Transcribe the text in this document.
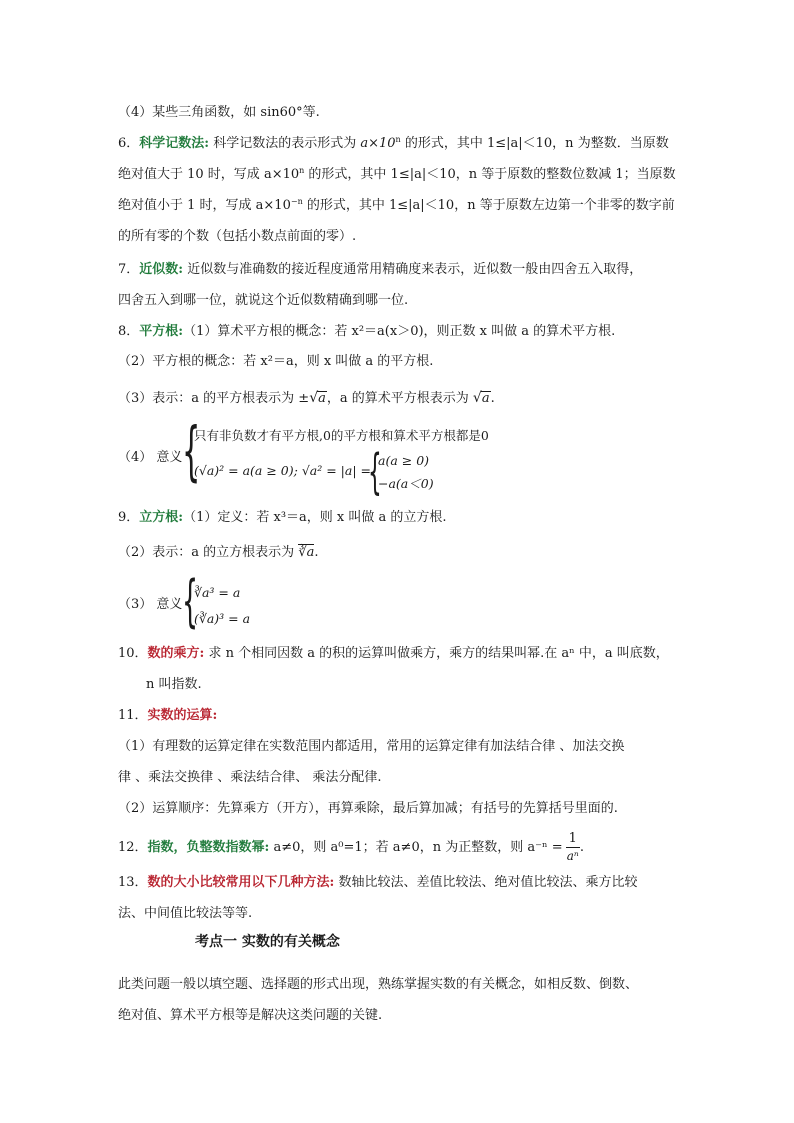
（4）某些三角函数，如 sin60°等.
6．科学记数法: 科学记数法的表示形式为 $a\times 10^n$ 的形式，其中 1≤|a|＜10，n 为整数．当原数
绝对值大于 10 时，写成 $a\times 10^n$ 的形式，其中 1≤|a|＜10，n 等于原数的整数位数减 1；当原数
绝对值小于 1 时，写成 $a\times 10^{-n}$ 的形式，其中 1≤|a|＜10，n 等于原数左边第一个非零的数字前
的所有零的个数（包括小数点前面的零）.
7．近似数: 近似数与准确数的接近程度通常用精确度来表示，近似数一般由四舍五入取得，
四舍五入到哪一位，就说这个近似数精确到哪一位.
8．平方根:（1）算术平方根的概念：若 x²＝a(x＞0)，则正数 x 叫做 a 的算术平方根.
（2）平方根的概念：若 x²＝a，则 x 叫做 a 的平方根.
（3）表示：a 的平方根表示为 ±√a，a 的算术平方根表示为 √a.
（4） 意义 {
只有非负数才有平方根,0的平方根和算术平方根都是0
(√a)² = a(a ≥ 0); √a² = |a| =
{
a(a ≥ 0)
−a(a＜0)
9．立方根:（1）定义：若 x³＝a，则 x 叫做 a 的立方根.
（2）表示：a 的立方根表示为 ∛a.
（3） 意义 {
∛a³ = a
(∛a)³ = a
10．数的乘方: 求 n 个相同因数 a 的积的运算叫做乘方，乘方的结果叫幂.在 aⁿ 中，a 叫底数，
n 叫指数.
11．实数的运算:
（1）有理数的运算定律在实数范围内都适用，常用的运算定律有加法结合律 、加法交换
律 、乘法交换律 、乘法结合律、 乘法分配律.
（2）运算顺序：先算乘方（开方），再算乘除，最后算加减；有括号的先算括号里面的.
12．指数，负整数指数幂: a≠0，则 a⁰=1；若 a≠0，n 为正整数，则 $a^{-n} = \frac{1}{\text{aⁿ}}$ .
13．数的大小比较常用以下几种方法: 数轴比较法、差值比较法、绝对值比较法、乘方比较
法、中间值比较法等等.
考点一 实数的有关概念
此类问题一般以填空题、选择题的形式出现，熟练掌握实数的有关概念，如相反数、倒数、
绝对值、算术平方根等是解决这类问题的关键.
